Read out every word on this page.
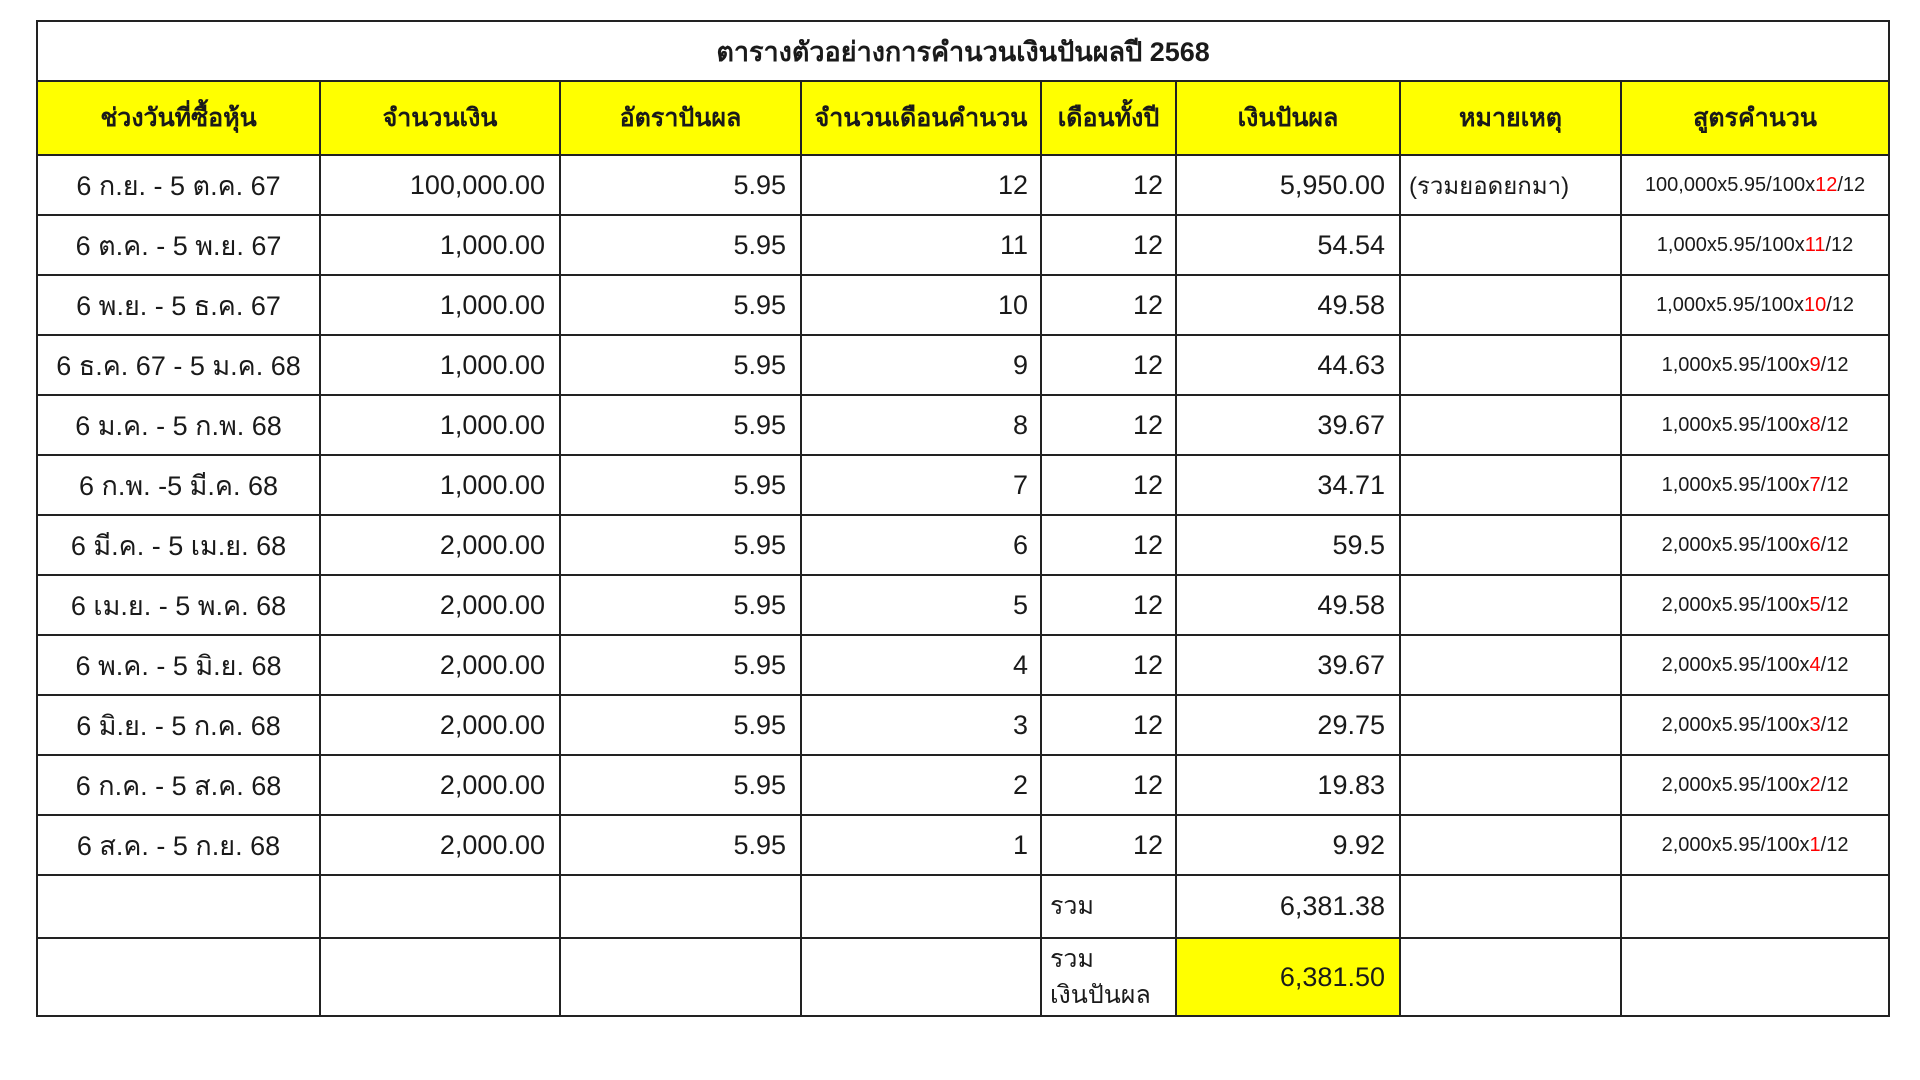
ตารางตัวอย่างการคำนวนเงินปันผลปี 2568							
ช่วงวันที่ซื้อหุ้น	จำนวนเงิน	อัตราปันผล	จำนวนเดือนคำนวน	เดือนทั้งปี	เงินปันผล	หมายเหตุ	สูตรคำนวน
6 ก.ย. - 5 ต.ค. 67	100,000.00	5.95	12	12	5,950.00	(รวมยอดยกมา)	100,000x5.95/100x12/12
6 ต.ค. - 5 พ.ย. 67	1,000.00	5.95	11	12	54.54		1,000x5.95/100x11/12
6 พ.ย. - 5 ธ.ค. 67	1,000.00	5.95	10	12	49.58		1,000x5.95/100x10/12
6 ธ.ค. 67 - 5 ม.ค. 68	1,000.00	5.95	9	12	44.63		1,000x5.95/100x9/12
6 ม.ค. - 5 ก.พ. 68	1,000.00	5.95	8	12	39.67		1,000x5.95/100x8/12
6 ก.พ. -5 มี.ค. 68	1,000.00	5.95	7	12	34.71		1,000x5.95/100x7/12
6 มี.ค. - 5 เม.ย. 68	2,000.00	5.95	6	12	59.5		2,000x5.95/100x6/12
6 เม.ย. - 5 พ.ค. 68	2,000.00	5.95	5	12	49.58		2,000x5.95/100x5/12
6 พ.ค. - 5 มิ.ย. 68	2,000.00	5.95	4	12	39.67		2,000x5.95/100x4/12
6 มิ.ย. - 5 ก.ค. 68	2,000.00	5.95	3	12	29.75		2,000x5.95/100x3/12
6 ก.ค. - 5 ส.ค. 68	2,000.00	5.95	2	12	19.83		2,000x5.95/100x2/12
6 ส.ค. - 5 ก.ย. 68	2,000.00	5.95	1	12	9.92		2,000x5.95/100x1/12
				รวม	6,381.38		
				รวม เงินปันผล	6,381.50		
